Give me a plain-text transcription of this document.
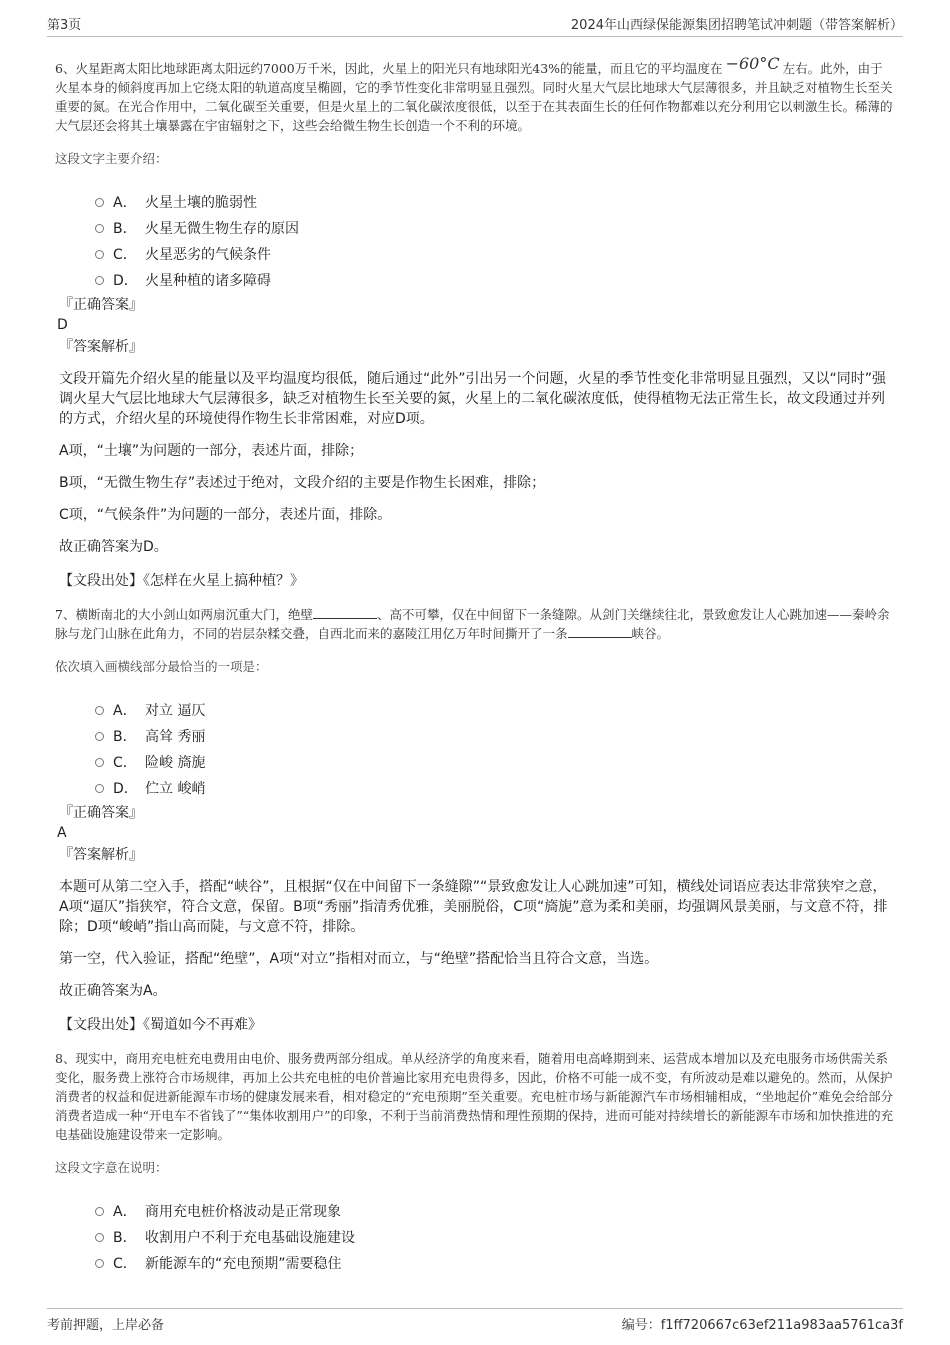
第3页	2024年山西绿保能源集团招聘笔试冲刺题（带答案解析）

6、火星距离太阳比地球距离太阳远约7000万千米，因此，火星上的阳光只有地球阳光43%的能量，而且它的平均温度在 −60°C 左右。此外，由于火星本身的倾斜度再加上它绕太阳的轨道高度呈椭圆，它的季节性变化非常明显且强烈。同时火星大气层比地球大气层薄很多，并且缺乏对植物生长至关重要的氮。在光合作用中，二氧化碳至关重要，但是火星上的二氧化碳浓度很低，以至于在其表面生长的任何作物都难以充分利用它以刺激生长。稀薄的大气层还会将其土壤暴露在宇宙辐射之下，这些会给微生物生长创造一个不利的环境。

这段文字主要介绍：

A． 火星土壤的脆弱性
B． 火星无微生物生存的原因
C． 火星恶劣的气候条件
D． 火星种植的诸多障碍
『正确答案』
D
『答案解析』

文段开篇先介绍火星的能量以及平均温度均很低，随后通过“此外”引出另一个问题，火星的季节性变化非常明显且强烈，又以“同时”强调火星大气层比地球大气层薄很多，缺乏对植物生长至关要的氮，火星上的二氧化碳浓度低，使得植物无法正常生长，故文段通过并列的方式，介绍火星的环境使得作物生长非常困难，对应D项。

A项，“土壤”为问题的一部分，表述片面，排除；

B项，“无微生物生存”表述过于绝对，文段介绍的主要是作物生长困难，排除；

C项，“气候条件”为问题的一部分，表述片面，排除。

故正确答案为D。

【文段出处】《怎样在火星上搞种植？》

7、横断南北的大小剑山如两扇沉重大门，绝壁	、高不可攀，仅在中间留下一条缝隙。从剑门关继续往北，景致愈发让人心跳加速——秦岭余脉与龙门山脉在此角力，不同的岩层杂糅交叠，自西北而来的嘉陵江用亿万年时间撕开了一条	峡谷。

依次填入画横线部分最恰当的一项是：

A． 对立 逼仄
B． 高耸 秀丽
C． 险峻 旖旎
D． 伫立 峻峭
『正确答案』
A
『答案解析』

本题可从第二空入手，搭配“峡谷”，且根据“仅在中间留下一条缝隙”“景致愈发让人心跳加速”可知，横线处词语应表达非常狭窄之意，A项“逼仄”指狭窄，符合文意，保留。B项“秀丽”指清秀优雅，美丽脱俗，C项“旖旎”意为柔和美丽，均强调风景美丽，与文意不符，排除；D项“峻峭”指山高而陡，与文意不符，排除。

第一空，代入验证，搭配“绝壁”，A项“对立”指相对而立，与“绝壁”搭配恰当且符合文意，当选。

故正确答案为A。

【文段出处】《蜀道如今不再难》

8、现实中，商用充电桩充电费用由电价、服务费两部分组成。单从经济学的角度来看，随着用电高峰期到来、运营成本增加以及充电服务市场供需关系变化，服务费上涨符合市场规律，再加上公共充电桩的电价普遍比家用充电贵得多，因此，价格不可能一成不变，有所波动是难以避免的。然而，从保护消费者的权益和促进新能源车市场的健康发展来看，相对稳定的“充电预期”至关重要。充电桩市场与新能源汽车市场相辅相成，“坐地起价”难免会给部分消费者造成一种“开电车不省钱了”“集体收割用户”的印象，不利于当前消费热情和理性预期的保持，进而可能对持续增长的新能源车市场和加快推进的充电基础设施建设带来一定影响。

这段文字意在说明：

A． 商用充电桩价格波动是正常现象
B． 收割用户不利于充电基础设施建设
C． 新能源车的“充电预期”需要稳住
考前押题，上岸必备	编号：f1ff720667c63ef211a983aa5761ca3f
